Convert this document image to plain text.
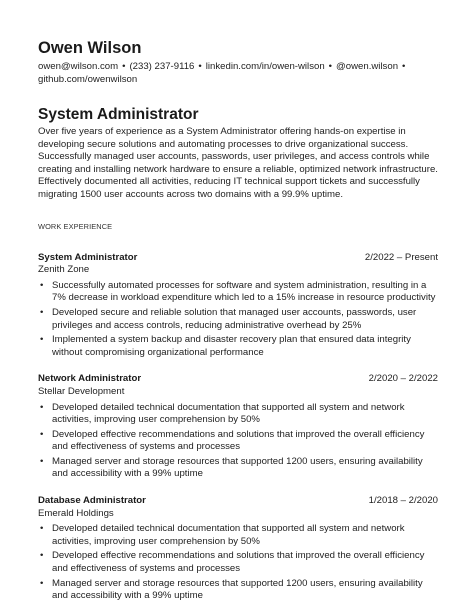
Owen Wilson
owen@wilson.com • (233) 237-9116 • linkedin.com/in/owen-wilson • @owen.wilson •
github.com/owenwilson
System Administrator
Over five years of experience as a System Administrator offering hands-on expertise in developing secure solutions and automating processes to drive organizational success. Successfully managed user accounts, passwords, user privileges, and access controls while creating and installing network hardware to ensure a reliable, optimized network infrastructure. Effectively documented all activities, reducing IT technical support tickets and successfully migrating 1500 user accounts across two domains with a 99.9% uptime.
WORK EXPERIENCE
System Administrator	2/2022 – Present
Zenith Zone
• Successfully automated processes for software and system administration, resulting in a 7% decrease in workload expenditure which led to a 15% increase in resource productivity
• Developed secure and reliable solution that managed user accounts, passwords, user privileges and access controls, reducing administrative overhead by 25%
• Implemented a system backup and disaster recovery plan that ensured data integrity without compromising organizational performance
Network Administrator	2/2020 – 2/2022
Stellar Development
• Developed detailed technical documentation that supported all system and network activities, improving user comprehension by 50%
• Developed effective recommendations and solutions that improved the overall efficiency and effectiveness of systems and processes
• Managed server and storage resources that supported 1200 users, ensuring availability and accessibility with a 99% uptime
Database Administrator	1/2018 – 2/2020
Emerald Holdings
• Developed detailed technical documentation that supported all system and network activities, improving user comprehension by 50%
• Developed effective recommendations and solutions that improved the overall efficiency and effectiveness of systems and processes
• Managed server and storage resources that supported 1200 users, ensuring availability and accessibility with a 99% uptime
